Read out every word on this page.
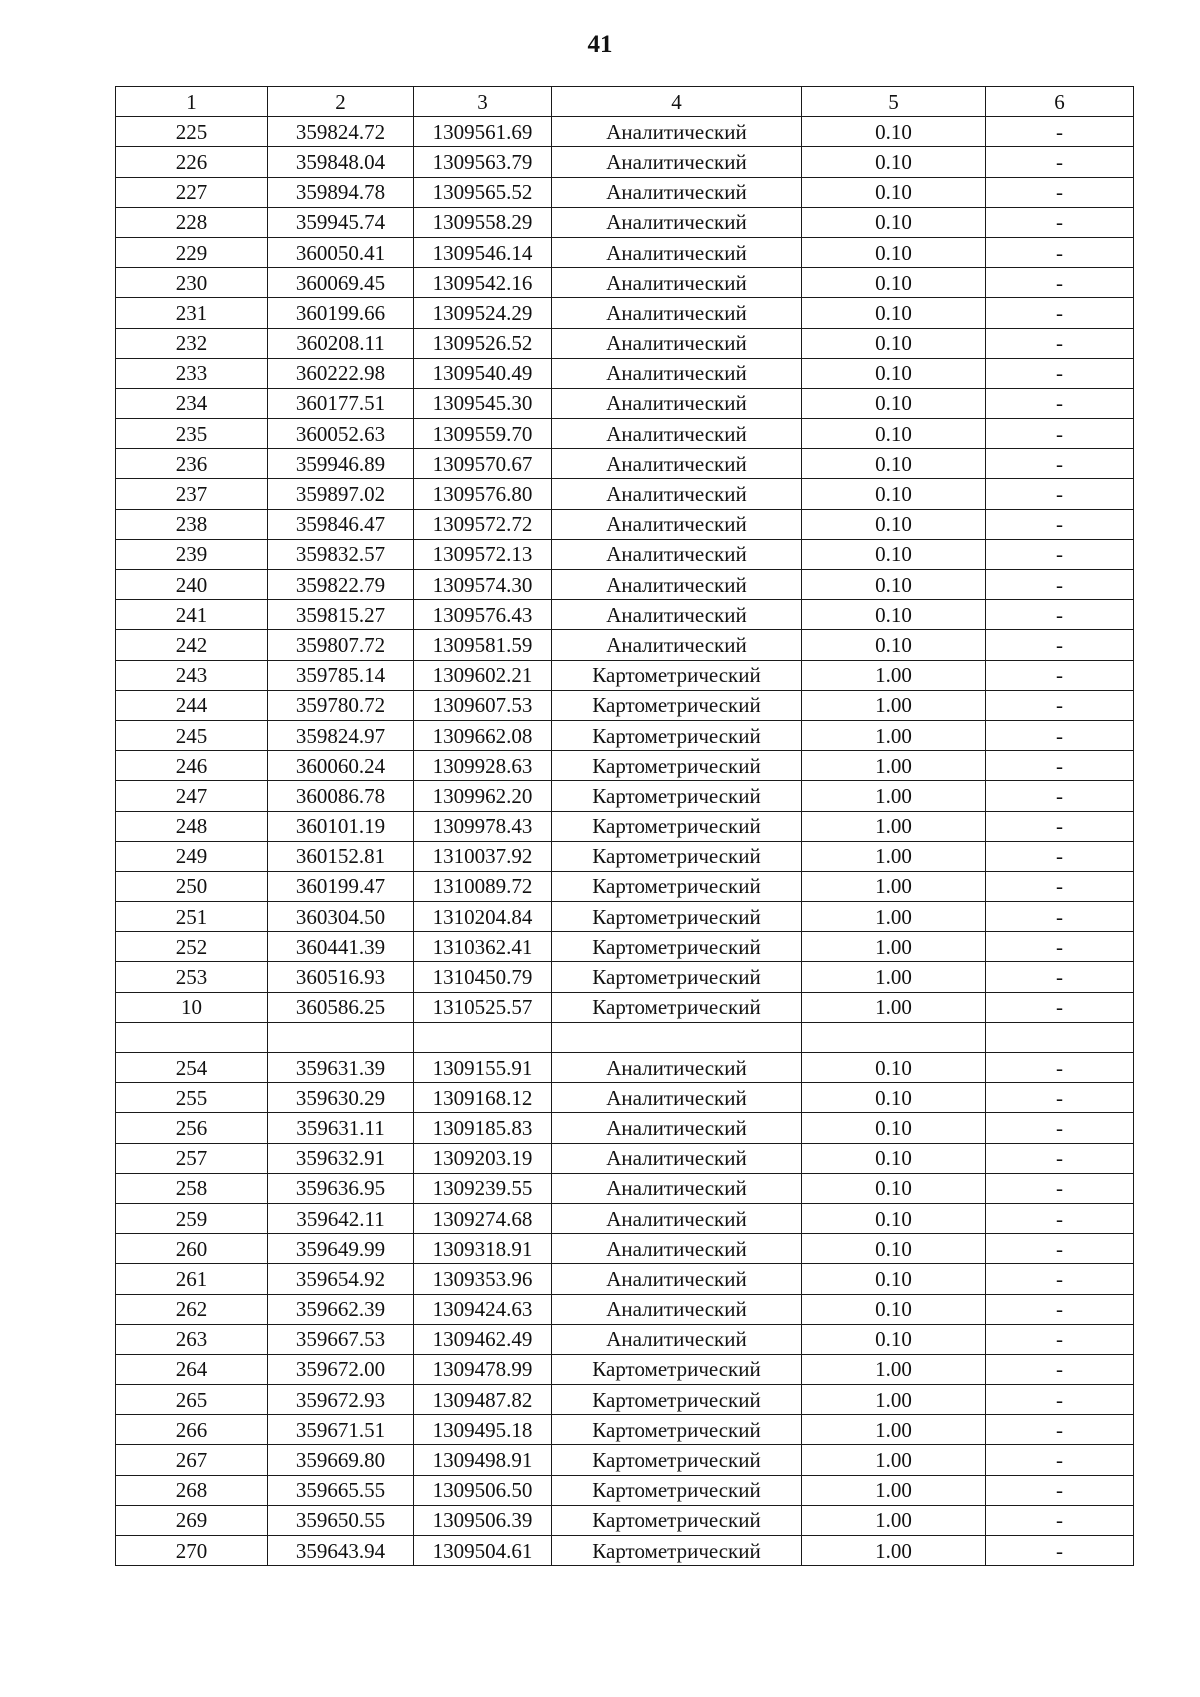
41
1	2	3	4	5	6
225	359824.72	1309561.69	Аналитический	0.10	-
226	359848.04	1309563.79	Аналитический	0.10	-
227	359894.78	1309565.52	Аналитический	0.10	-
228	359945.74	1309558.29	Аналитический	0.10	-
229	360050.41	1309546.14	Аналитический	0.10	-
230	360069.45	1309542.16	Аналитический	0.10	-
231	360199.66	1309524.29	Аналитический	0.10	-
232	360208.11	1309526.52	Аналитический	0.10	-
233	360222.98	1309540.49	Аналитический	0.10	-
234	360177.51	1309545.30	Аналитический	0.10	-
235	360052.63	1309559.70	Аналитический	0.10	-
236	359946.89	1309570.67	Аналитический	0.10	-
237	359897.02	1309576.80	Аналитический	0.10	-
238	359846.47	1309572.72	Аналитический	0.10	-
239	359832.57	1309572.13	Аналитический	0.10	-
240	359822.79	1309574.30	Аналитический	0.10	-
241	359815.27	1309576.43	Аналитический	0.10	-
242	359807.72	1309581.59	Аналитический	0.10	-
243	359785.14	1309602.21	Картометрический	1.00	-
244	359780.72	1309607.53	Картометрический	1.00	-
245	359824.97	1309662.08	Картометрический	1.00	-
246	360060.24	1309928.63	Картометрический	1.00	-
247	360086.78	1309962.20	Картометрический	1.00	-
248	360101.19	1309978.43	Картометрический	1.00	-
249	360152.81	1310037.92	Картометрический	1.00	-
250	360199.47	1310089.72	Картометрический	1.00	-
251	360304.50	1310204.84	Картометрический	1.00	-
252	360441.39	1310362.41	Картометрический	1.00	-
253	360516.93	1310450.79	Картометрический	1.00	-
10	360586.25	1310525.57	Картометрический	1.00	-

254	359631.39	1309155.91	Аналитический	0.10	-
255	359630.29	1309168.12	Аналитический	0.10	-
256	359631.11	1309185.83	Аналитический	0.10	-
257	359632.91	1309203.19	Аналитический	0.10	-
258	359636.95	1309239.55	Аналитический	0.10	-
259	359642.11	1309274.68	Аналитический	0.10	-
260	359649.99	1309318.91	Аналитический	0.10	-
261	359654.92	1309353.96	Аналитический	0.10	-
262	359662.39	1309424.63	Аналитический	0.10	-
263	359667.53	1309462.49	Аналитический	0.10	-
264	359672.00	1309478.99	Картометрический	1.00	-
265	359672.93	1309487.82	Картометрический	1.00	-
266	359671.51	1309495.18	Картометрический	1.00	-
267	359669.80	1309498.91	Картометрический	1.00	-
268	359665.55	1309506.50	Картометрический	1.00	-
269	359650.55	1309506.39	Картометрический	1.00	-
270	359643.94	1309504.61	Картометрический	1.00	-
